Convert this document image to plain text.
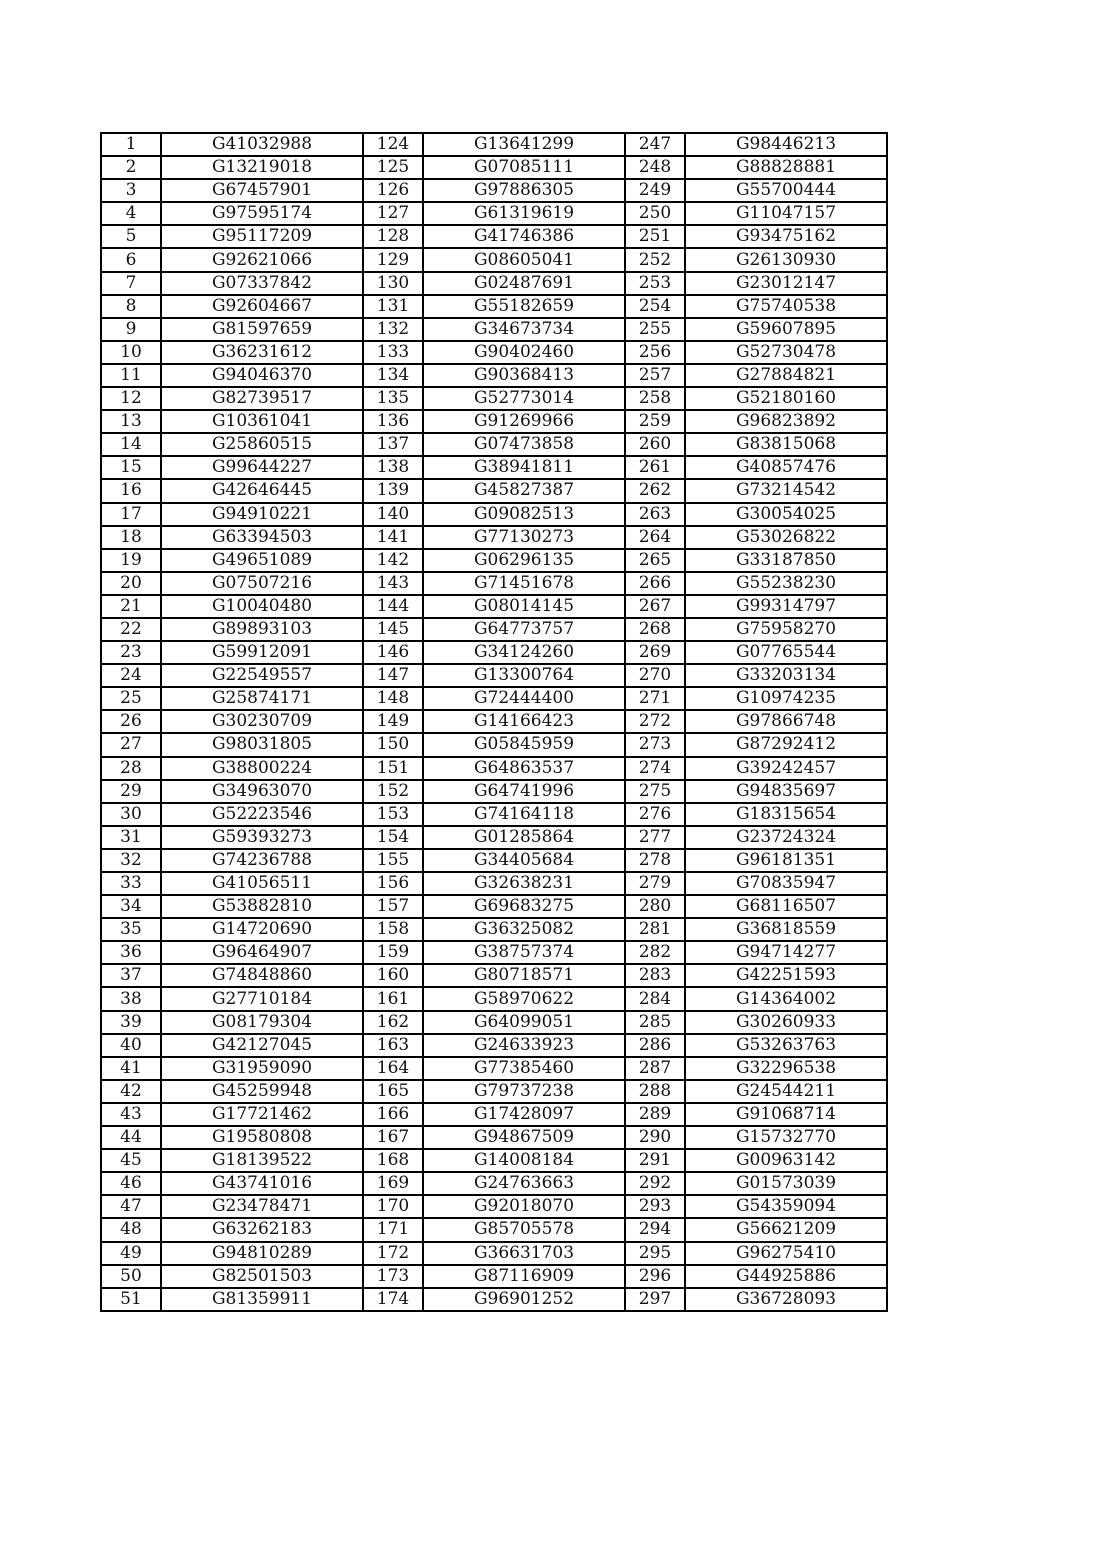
1	G41032988	124	G13641299	247	G98446213
2	G13219018	125	G07085111	248	G88828881
3	G67457901	126	G97886305	249	G55700444
4	G97595174	127	G61319619	250	G11047157
5	G95117209	128	G41746386	251	G93475162
6	G92621066	129	G08605041	252	G26130930
7	G07337842	130	G02487691	253	G23012147
8	G92604667	131	G55182659	254	G75740538
9	G81597659	132	G34673734	255	G59607895
10	G36231612	133	G90402460	256	G52730478
11	G94046370	134	G90368413	257	G27884821
12	G82739517	135	G52773014	258	G52180160
13	G10361041	136	G91269966	259	G96823892
14	G25860515	137	G07473858	260	G83815068
15	G99644227	138	G38941811	261	G40857476
16	G42646445	139	G45827387	262	G73214542
17	G94910221	140	G09082513	263	G30054025
18	G63394503	141	G77130273	264	G53026822
19	G49651089	142	G06296135	265	G33187850
20	G07507216	143	G71451678	266	G55238230
21	G10040480	144	G08014145	267	G99314797
22	G89893103	145	G64773757	268	G75958270
23	G59912091	146	G34124260	269	G07765544
24	G22549557	147	G13300764	270	G33203134
25	G25874171	148	G72444400	271	G10974235
26	G30230709	149	G14166423	272	G97866748
27	G98031805	150	G05845959	273	G87292412
28	G38800224	151	G64863537	274	G39242457
29	G34963070	152	G64741996	275	G94835697
30	G52223546	153	G74164118	276	G18315654
31	G59393273	154	G01285864	277	G23724324
32	G74236788	155	G34405684	278	G96181351
33	G41056511	156	G32638231	279	G70835947
34	G53882810	157	G69683275	280	G68116507
35	G14720690	158	G36325082	281	G36818559
36	G96464907	159	G38757374	282	G94714277
37	G74848860	160	G80718571	283	G42251593
38	G27710184	161	G58970622	284	G14364002
39	G08179304	162	G64099051	285	G30260933
40	G42127045	163	G24633923	286	G53263763
41	G31959090	164	G77385460	287	G32296538
42	G45259948	165	G79737238	288	G24544211
43	G17721462	166	G17428097	289	G91068714
44	G19580808	167	G94867509	290	G15732770
45	G18139522	168	G14008184	291	G00963142
46	G43741016	169	G24763663	292	G01573039
47	G23478471	170	G92018070	293	G54359094
48	G63262183	171	G85705578	294	G56621209
49	G94810289	172	G36631703	295	G96275410
50	G82501503	173	G87116909	296	G44925886
51	G81359911	174	G96901252	297	G36728093
